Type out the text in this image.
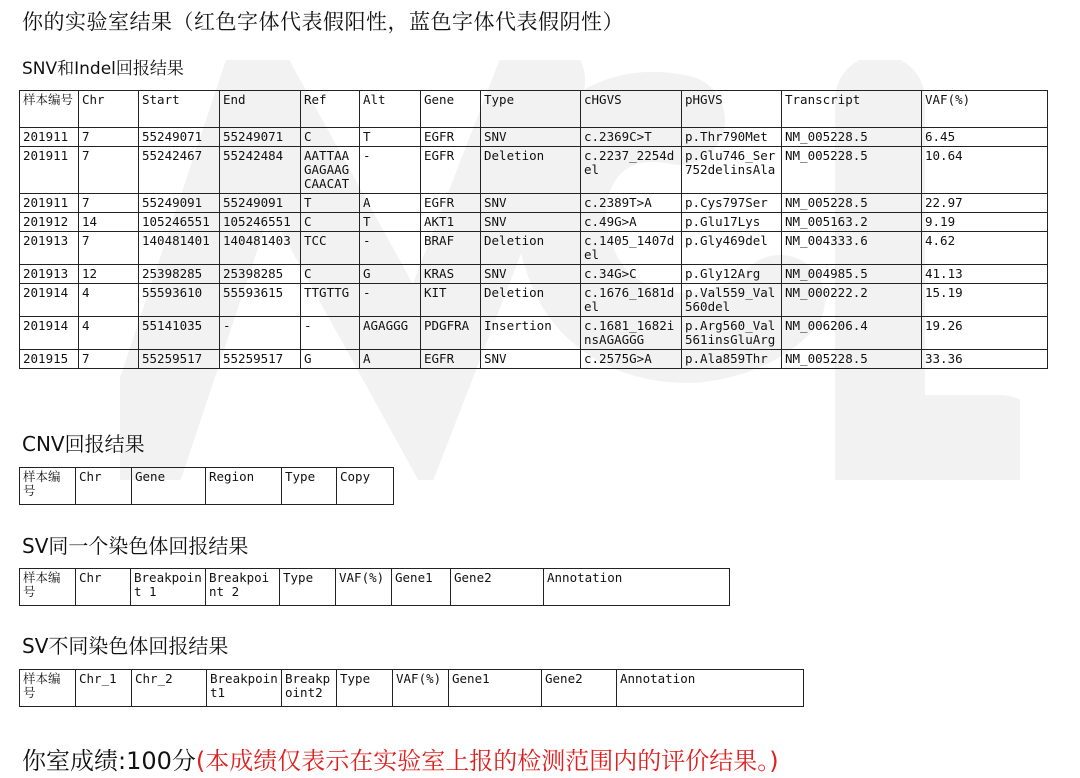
你的实验室结果（红色字体代表假阳性，蓝色字体代表假阴性）
SNV和Indel回报结果
样本编号	Chr	Start	End	Ref	Alt	Gene	Type	cHGVS	pHGVS	Transcript	VAF(%)
201911	7	55249071	55249071	C	T	EGFR	SNV	c.2369C>T	p.Thr790Met	NM_005228.5	6.45
201911	7	55242467	55242484	AATTAAGAGAAGCAACAT	-	EGFR	Deletion	c.2237_2254del	p.Glu746_Ser752delinsAla	NM_005228.5	10.64
201911	7	55249091	55249091	T	A	EGFR	SNV	c.2389T>A	p.Cys797Ser	NM_005228.5	22.97
201912	14	105246551	105246551	C	T	AKT1	SNV	c.49G>A	p.Glu17Lys	NM_005163.2	9.19
201913	7	140481401	140481403	TCC	-	BRAF	Deletion	c.1405_1407del	p.Gly469del	NM_004333.6	4.62
201913	12	25398285	25398285	C	G	KRAS	SNV	c.34G>C	p.Gly12Arg	NM_004985.5	41.13
201914	4	55593610	55593615	TTGTTG	-	KIT	Deletion	c.1676_1681del	p.Val559_Val560del	NM_000222.2	15.19
201914	4	55141035	-	-	AGAGGG	PDGFRA	Insertion	c.1681_1682insAGAGGG	p.Arg560_Val561insGluArg	NM_006206.4	19.26
201915	7	55259517	55259517	G	A	EGFR	SNV	c.2575G>A	p.Ala859Thr	NM_005228.5	33.36
CNV回报结果
样本编号	Chr	Gene	Region	Type	Copy
SV同一个染色体回报结果
样本编号	Chr	Breakpoint 1	Breakpoint 2	Type	VAF(%)	Gene1	Gene2	Annotation
SV不同染色体回报结果
样本编号	Chr_1	Chr_2	Breakpoint1	Breakpoint2	Type	VAF(%)	Gene1	Gene2	Annotation
你室成绩:100分(本成绩仅表示在实验室上报的检测范围内的评价结果。)
